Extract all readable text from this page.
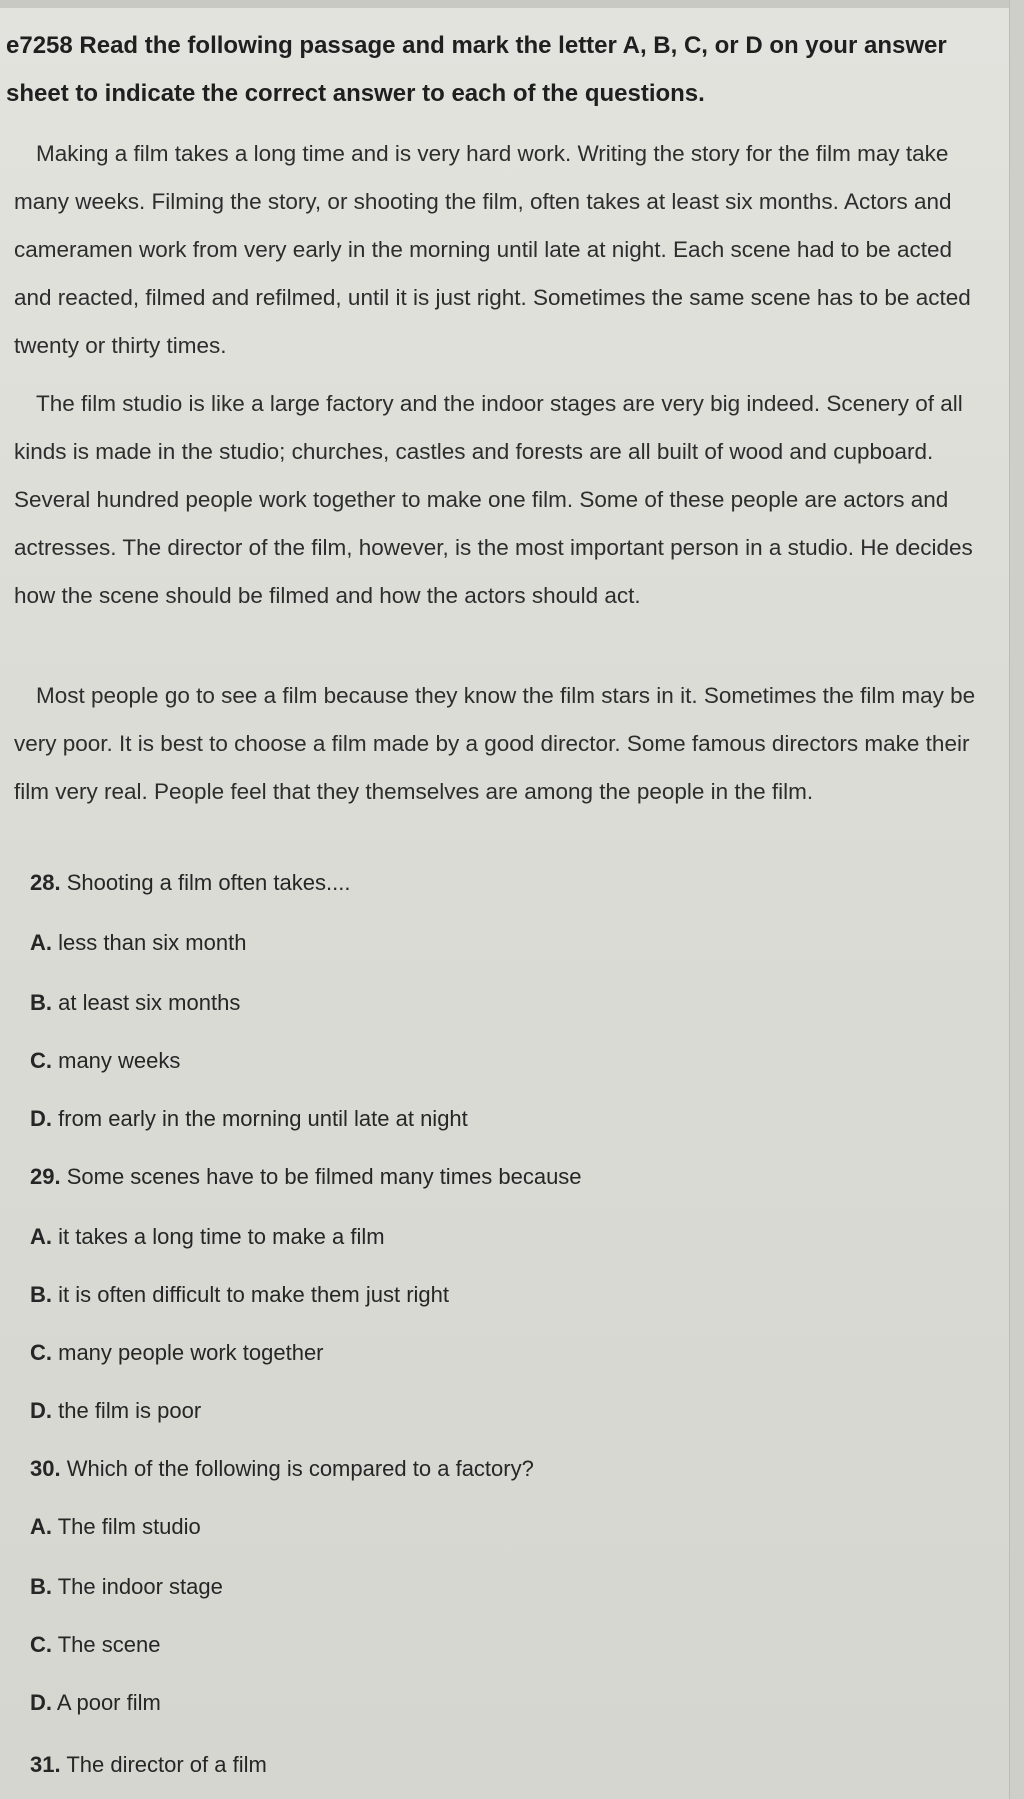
e7258 Read the following passage and mark the letter A, B, C, or D on your answer sheet to indicate the correct answer to each of the questions.
Making a film takes a long time and is very hard work. Writing the story for the film may take many weeks. Filming the story, or shooting the film, often takes at least six months. Actors and cameramen work from very early in the morning until late at night. Each scene had to be acted and reacted, filmed and refilmed, until it is just right. Sometimes the same scene has to be acted twenty or thirty times.
The film studio is like a large factory and the indoor stages are very big indeed. Scenery of all kinds is made in the studio; churches, castles and forests are all built of wood and cupboard. Several hundred people work together to make one film. Some of these people are actors and actresses. The director of the film, however, is the most important person in a studio. He decides how the scene should be filmed and how the actors should act.
Most people go to see a film because they know the film stars in it. Sometimes the film may be very poor. It is best to choose a film made by a good director. Some famous directors make their film very real. People feel that they themselves are among the people in the film.
28. Shooting a film often takes....
A. less than six month
B. at least six months
C. many weeks
D. from early in the morning until late at night
29. Some scenes have to be filmed many times because
A. it takes a long time to make a film
B. it is often difficult to make them just right
C. many people work together
D. the film is poor
30. Which of the following is compared to a factory?
A. The film studio
B. The indoor stage
C. The scene
D. A poor film
31. The director of a film
